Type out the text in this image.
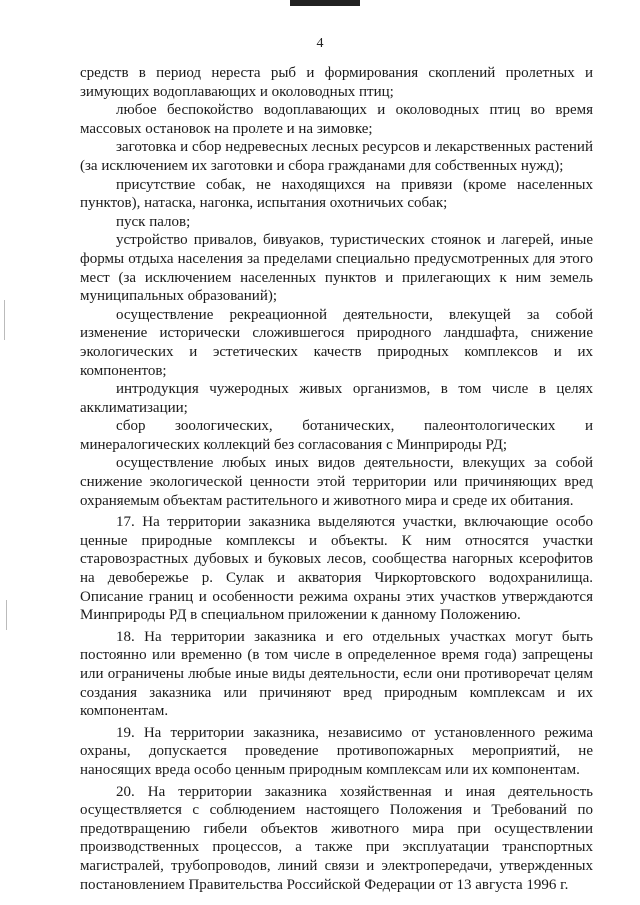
4

средств в период нереста рыб и формирования скоплений пролетных и зимующих водоплавающих и околоводных птиц;

любое беспокойство водоплавающих и околоводных птиц во время массовых остановок на пролете и на зимовке;

заготовка и сбор недревесных лесных ресурсов и лекарственных растений (за исключением их заготовки и сбора гражданами для собственных нужд);

присутствие собак, не находящихся на привязи (кроме населенных пунктов), натаска, нагонка, испытания охотничьих собак;

пуск палов;

устройство привалов, бивуаков, туристических стоянок и лагерей, иные формы отдыха населения за пределами специально предусмотренных для этого мест (за исключением населенных пунктов и прилегающих к ним земель муниципальных образований);

осуществление рекреационной деятельности, влекущей за собой изменение исторически сложившегося природного ландшафта, снижение экологических и эстетических качеств природных комплексов и их компонентов;

интродукция чужеродных живых организмов, в том числе в целях акклиматизации;

сбор зоологических, ботанических, палеонтологических и минералогических коллекций без согласования с Минприроды РД;

осуществление любых иных видов деятельности, влекущих за собой снижение экологической ценности этой территории или причиняющих вред охраняемым объектам растительного и животного мира и среде их обитания.

17. На территории заказника выделяются участки, включающие особо ценные природные комплексы и объекты. К ним относятся участки старовозрастных дубовых и буковых лесов, сообщества нагорных ксерофитов на девобережье р. Сулак и акватория Чиркортовского водохранилища. Описание границ и особенности режима охраны этих участков утверждаются Минприроды РД в специальном приложении к данному Положению.

18. На территории заказника и его отдельных участках могут быть постоянно или временно (в том числе в определенное время года) запрещены или ограничены любые иные виды деятельности, если они противоречат целям создания заказника или причиняют вред природным комплексам и их компонентам.

19. На территории заказника, независимо от установленного режима охраны, допускается проведение противопожарных мероприятий, не наносящих вреда особо ценным природным комплексам или их компонентам.

20. На территории заказника хозяйственная и иная деятельность осуществляется с соблюдением настоящего Положения и Требований по предотвращению гибели объектов животного мира при осуществлении производственных процессов, а также при эксплуатации транспортных магистралей, трубопроводов, линий связи и электропередачи, утвержденных постановлением Правительства Российской Федерации от 13 августа 1996 г.
